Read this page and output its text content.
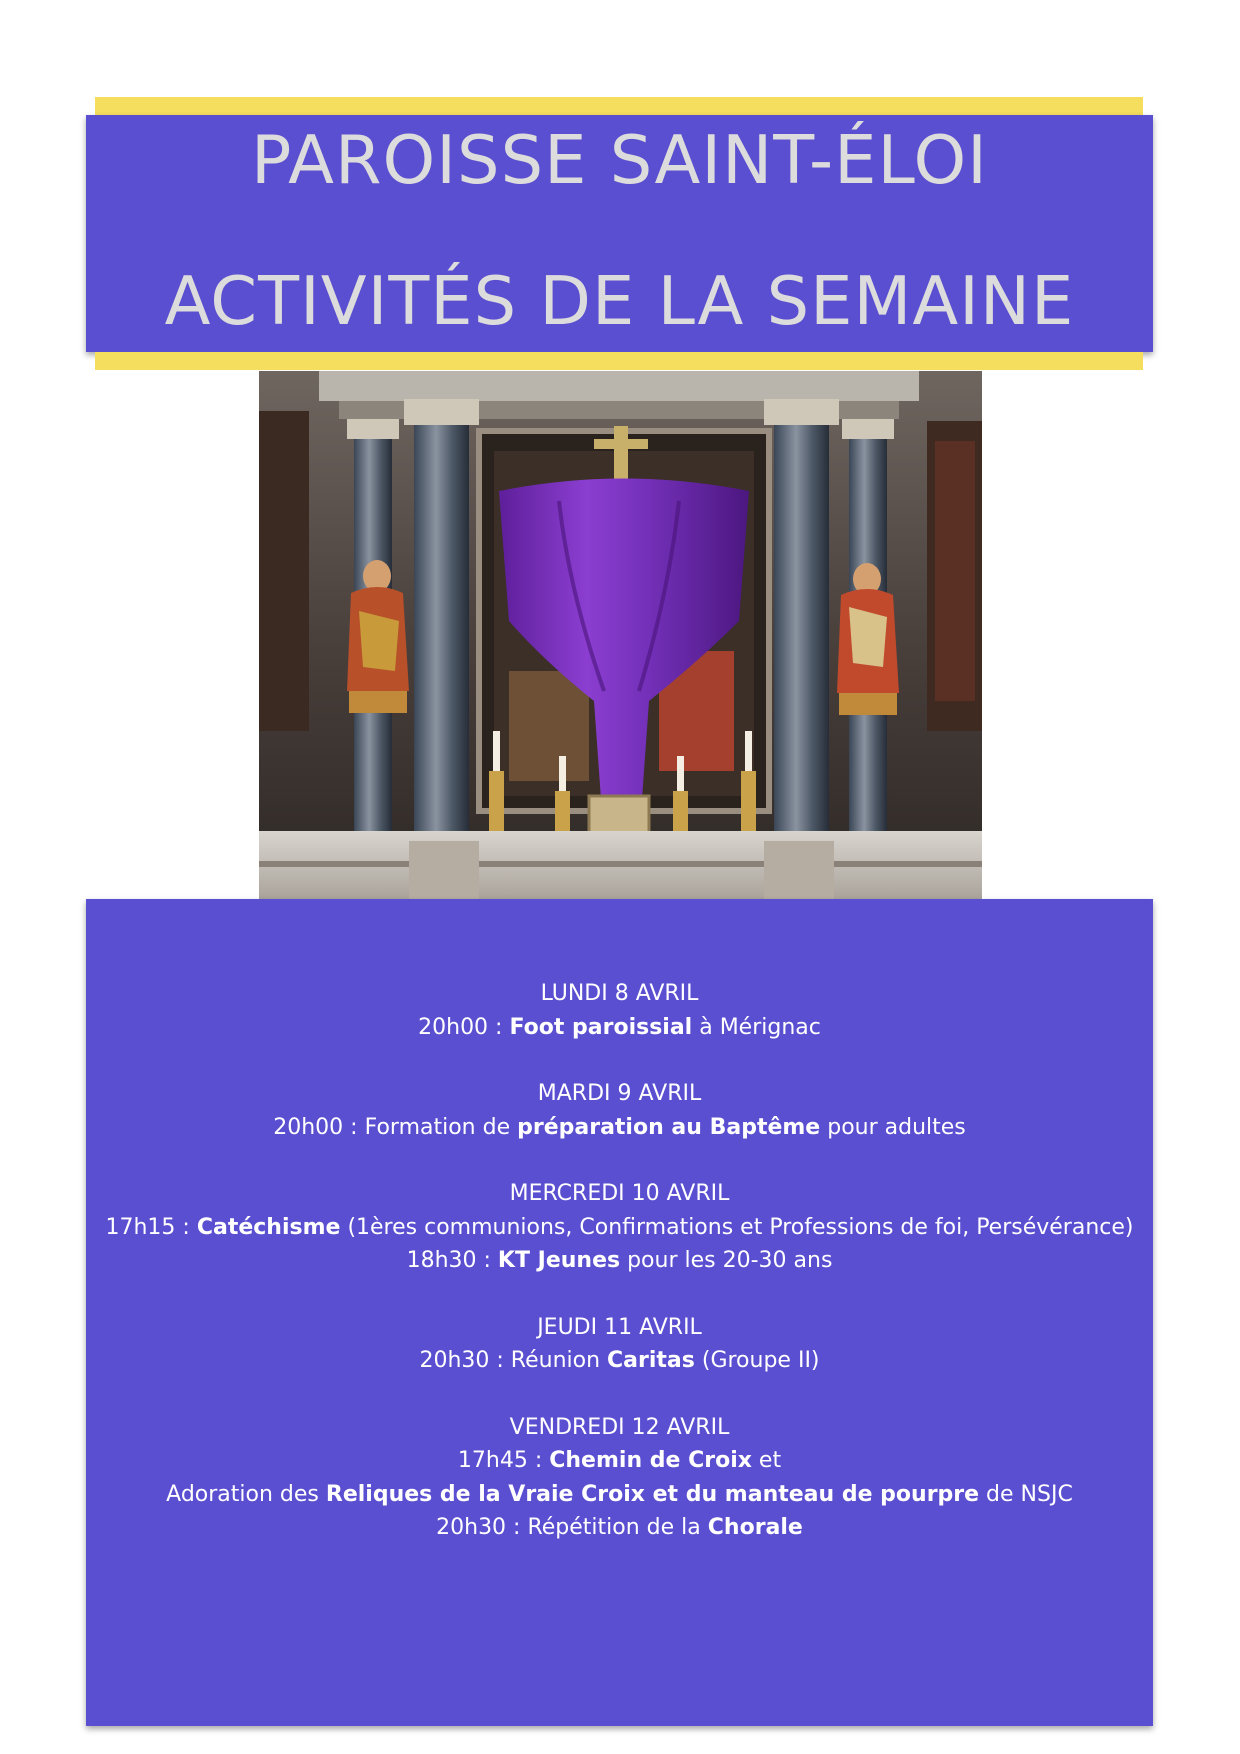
PAROISSE SAINT-ÉLOI
ACTIVITÉS DE LA SEMAINE
LUNDI 8 AVRIL
20h00 : Foot paroissial à Mérignac
MARDI 9 AVRIL
20h00 : Formation de préparation au Baptême pour adultes
MERCREDI 10 AVRIL
17h15 : Catéchisme (1ères communions, Confirmations et Professions de foi, Persévérance)
18h30 : KT Jeunes pour les 20-30 ans
JEUDI 11 AVRIL
20h30 : Réunion Caritas (Groupe II)
VENDREDI 12 AVRIL
17h45 : Chemin de Croix et
Adoration des Reliques de la Vraie Croix et du manteau de pourpre de NSJC
20h30 : Répétition de la Chorale
